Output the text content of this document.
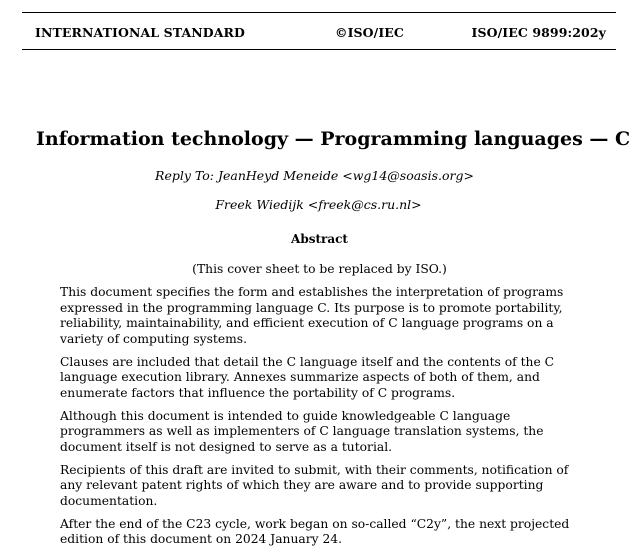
INTERNATIONAL STANDARD	©ISO/IEC	ISO/IEC 9899:202y
Information technology — Programming languages — C
Reply To: JeanHeyd Meneide <wg14@soasis.org>
Freek Wiedijk <freek@cs.ru.nl>
Abstract

(This cover sheet to be replaced by ISO.)

This document specifies the form and establishes the interpretation of programs expressed in the programming language C. Its purpose is to promote portability, reliability, maintainability, and efficient execution of C language programs on a variety of computing systems.

Clauses are included that detail the C language itself and the contents of the C language execution library. Annexes summarize aspects of both of them, and enumerate factors that influence the portability of C programs.

Although this document is intended to guide knowledgeable C language programmers as well as implementers of C language translation systems, the document itself is not designed to serve as a tutorial.

Recipients of this draft are invited to submit, with their comments, notification of any relevant patent rights of which they are aware and to provide supporting documentation.

After the end of the C23 cycle, work began on so-called “C2y”, the next projected edition of this document on 2024 January 24.
